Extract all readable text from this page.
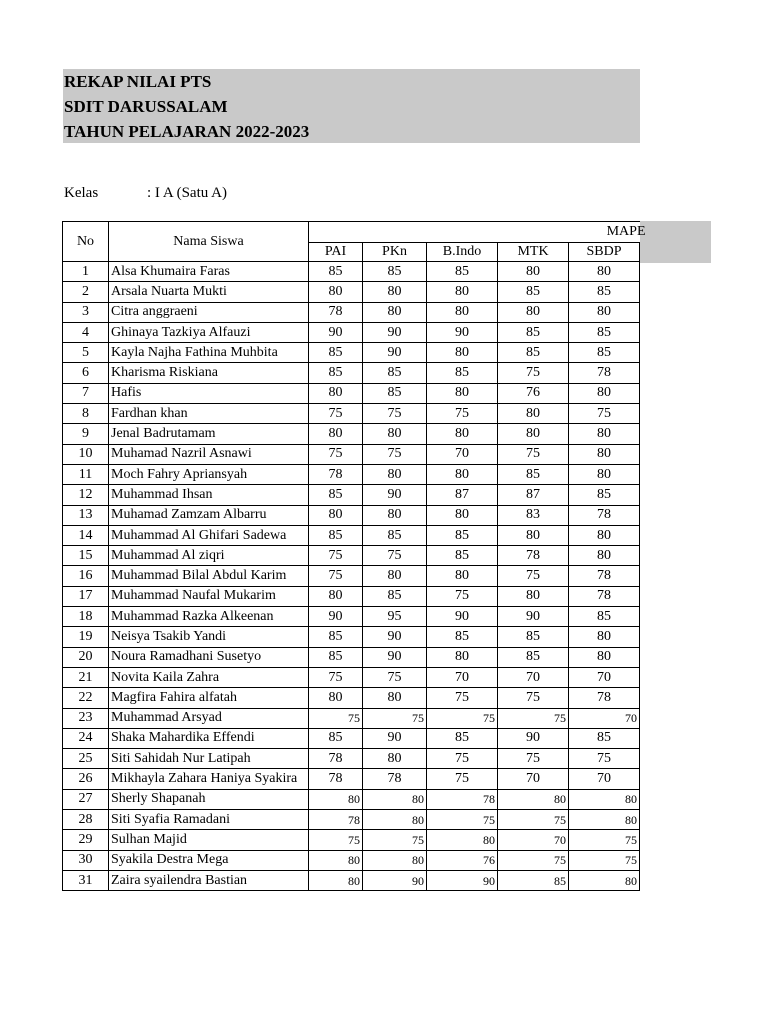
REKAP NILAI PTS
SDIT DARUSSALAM
TAHUN PELAJARAN 2022-2023
Kelas	: I A (Satu A)
No	Nama Siswa	MAPE				
		PAI	PKn	B.Indo	MTK	SBDP
1	Alsa Khumaira Faras	85	85	85	80	80
2	Arsala Nuarta Mukti	80	80	80	85	85
3	Citra anggraeni	78	80	80	80	80
4	Ghinaya Tazkiya Alfauzi	90	90	90	85	85
5	Kayla Najha Fathina Muhbita	85	90	80	85	85
6	Kharisma Riskiana	85	85	85	75	78
7	Hafis	80	85	80	76	80
8	Fardhan khan	75	75	75	80	75
9	Jenal Badrutamam	80	80	80	80	80
10	Muhamad Nazril Asnawi	75	75	70	75	80
11	Moch Fahry Apriansyah	78	80	80	85	80
12	Muhammad Ihsan	85	90	87	87	85
13	Muhamad Zamzam Albarru	80	80	80	83	78
14	Muhammad Al Ghifari Sadewa	85	85	85	80	80
15	Muhammad Al ziqri	75	75	85	78	80
16	Muhammad Bilal Abdul Karim	75	80	80	75	78
17	Muhammad Naufal Mukarim	80	85	75	80	78
18	Muhammad Razka Alkeenan	90	95	90	90	85
19	Neisya Tsakib Yandi	85	90	85	85	80
20	Noura Ramadhani Susetyo	85	90	80	85	80
21	Novita Kaila Zahra	75	75	70	70	70
22	Magfira Fahira alfatah	80	80	75	75	78
23	Muhammad Arsyad	75	75	75	75	70
24	Shaka Mahardika Effendi	85	90	85	90	85
25	Siti Sahidah Nur Latipah	78	80	75	75	75
26	Mikhayla Zahara Haniya Syakira	78	78	75	70	70
27	Sherly Shapanah	80	80	78	80	80
28	Siti Syafia Ramadani	78	80	75	75	80
29	Sulhan Majid	75	75	80	70	75
30	Syakila Destra Mega	80	80	76	75	75
31	Zaira syailendra Bastian	80	90	90	85	80
